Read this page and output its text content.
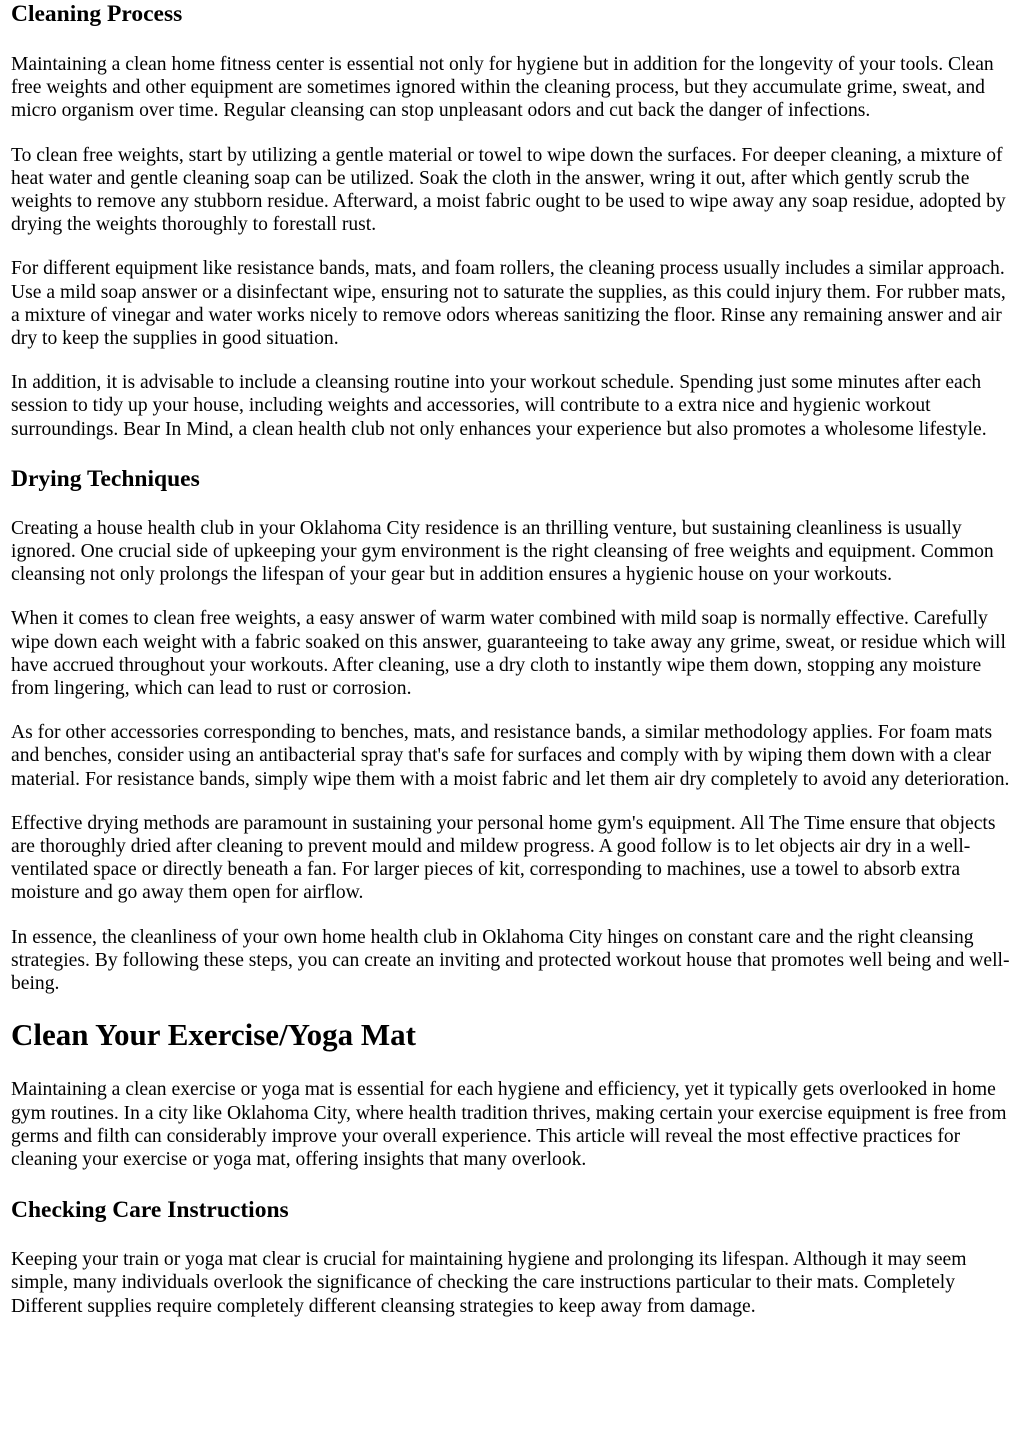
Cleaning Process

Maintaining a clean home fitness center is essential not only for hygiene but in addition for the longevity of your tools. Clean free weights and other equipment are sometimes ignored within the cleaning process, but they accumulate grime, sweat, and micro organism over time. Regular cleansing can stop unpleasant odors and cut back the danger of infections.

To clean free weights, start by utilizing a gentle material or towel to wipe down the surfaces. For deeper cleaning, a mixture of heat water and gentle cleaning soap can be utilized. Soak the cloth in the answer, wring it out, after which gently scrub the weights to remove any stubborn residue. Afterward, a moist fabric ought to be used to wipe away any soap residue, adopted by drying the weights thoroughly to forestall rust.

For different equipment like resistance bands, mats, and foam rollers, the cleaning process usually includes a similar approach. Use a mild soap answer or a disinfectant wipe, ensuring not to saturate the supplies, as this could injury them. For rubber mats, a mixture of vinegar and water works nicely to remove odors whereas sanitizing the floor. Rinse any remaining answer and air dry to keep the supplies in good situation.

In addition, it is advisable to include a cleansing routine into your workout schedule. Spending just some minutes after each session to tidy up your house, including weights and accessories, will contribute to a extra nice and hygienic workout surroundings. Bear In Mind, a clean health club not only enhances your experience but also promotes a wholesome lifestyle.

Drying Techniques

Creating a house health club in your Oklahoma City residence is an thrilling venture, but sustaining cleanliness is usually ignored. One crucial side of upkeeping your gym environment is the right cleansing of free weights and equipment. Common cleansing not only prolongs the lifespan of your gear but in addition ensures a hygienic house on your workouts.

When it comes to clean free weights, a easy answer of warm water combined with mild soap is normally effective. Carefully wipe down each weight with a fabric soaked on this answer, guaranteeing to take away any grime, sweat, or residue which will have accrued throughout your workouts. After cleaning, use a dry cloth to instantly wipe them down, stopping any moisture from lingering, which can lead to rust or corrosion.

As for other accessories corresponding to benches, mats, and resistance bands, a similar methodology applies. For foam mats and benches, consider using an antibacterial spray that's safe for surfaces and comply with by wiping them down with a clear material. For resistance bands, simply wipe them with a moist fabric and let them air dry completely to avoid any deterioration.

Effective drying methods are paramount in sustaining your personal home gym's equipment. All The Time ensure that objects are thoroughly dried after cleaning to prevent mould and mildew progress. A good follow is to let objects air dry in a well-ventilated space or directly beneath a fan. For larger pieces of kit, corresponding to machines, use a towel to absorb extra moisture and go away them open for airflow.

In essence, the cleanliness of your own home health club in Oklahoma City hinges on constant care and the right cleansing strategies. By following these steps, you can create an inviting and protected workout house that promotes well being and well-being.

Clean Your Exercise/Yoga Mat

Maintaining a clean exercise or yoga mat is essential for each hygiene and efficiency, yet it typically gets overlooked in home gym routines. In a city like Oklahoma City, where health tradition thrives, making certain your exercise equipment is free from germs and filth can considerably improve your overall experience. This article will reveal the most effective practices for cleaning your exercise or yoga mat, offering insights that many overlook.

Checking Care Instructions

Keeping your train or yoga mat clear is crucial for maintaining hygiene and prolonging its lifespan. Although it may seem simple, many individuals overlook the significance of checking the care instructions particular to their mats. Completely Different supplies require completely different cleansing strategies to keep away from damage.
